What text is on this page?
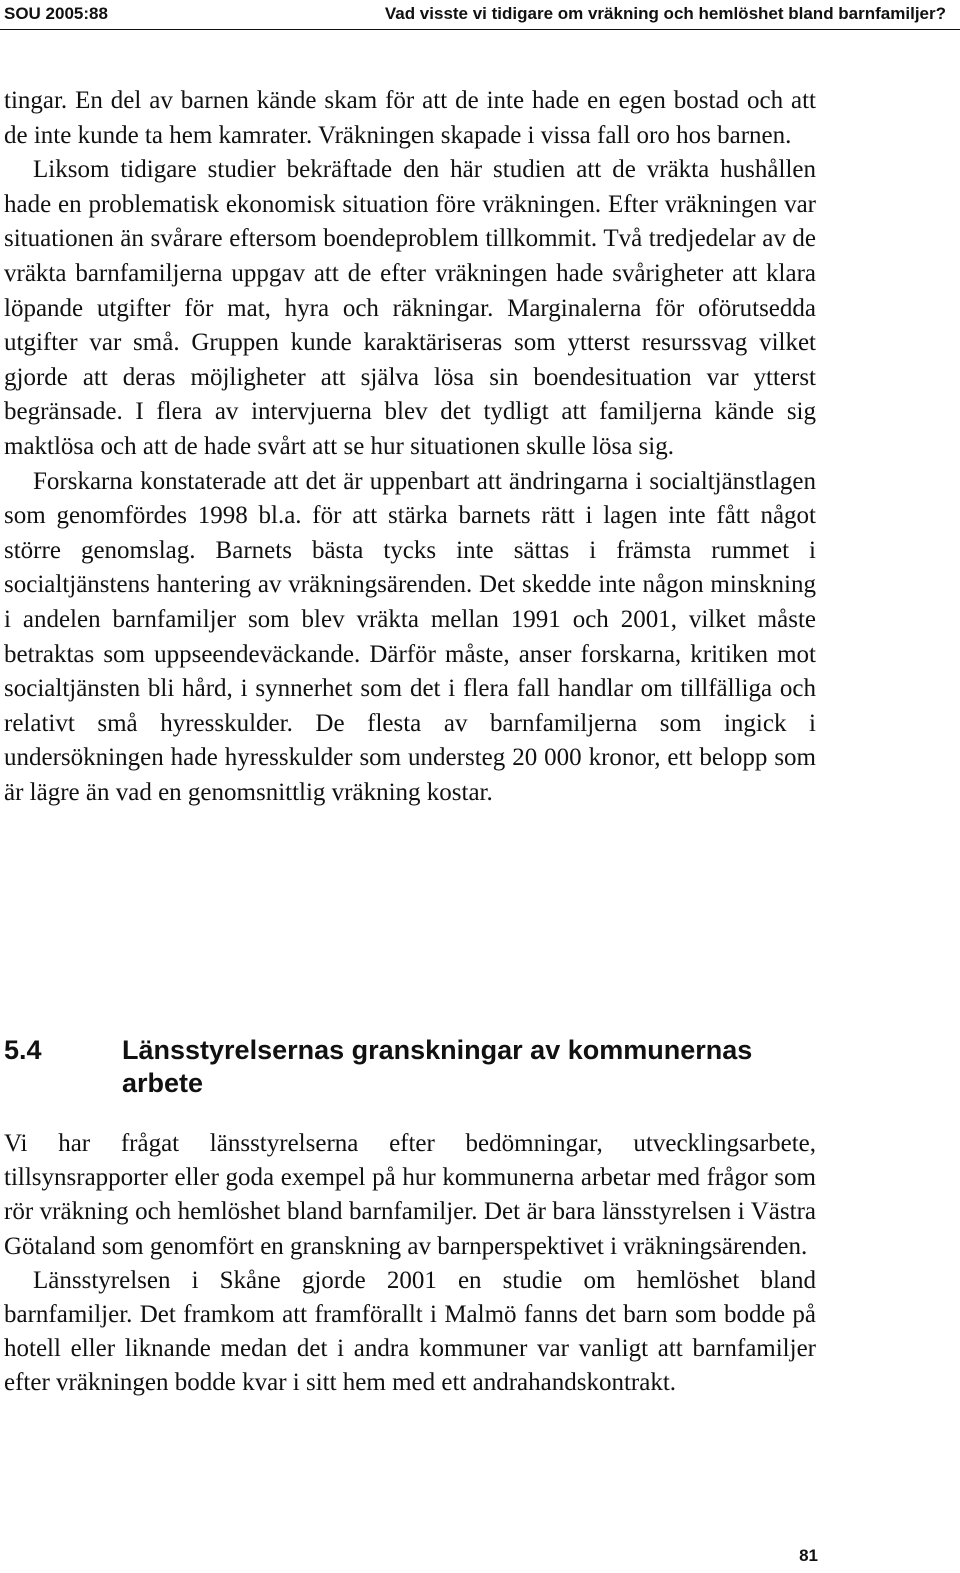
SOU 2005:88	Vad visste vi tidigare om vräkning och hemlöshet bland barnfamiljer?

tingar. En del av barnen kände skam för att de inte hade en egen bostad och att de inte kunde ta hem kamrater. Vräkningen skapade i vissa fall oro hos barnen.

Liksom tidigare studier bekräftade den här studien att de vräkta hushållen hade en problematisk ekonomisk situation före vräkningen. Efter vräkningen var situationen än svårare eftersom boendeproblem tillkommit. Två tredjedelar av de vräkta barnfamiljerna uppgav att de efter vräkningen hade svårigheter att klara löpande utgifter för mat, hyra och räkningar. Marginalerna för oförutsedda utgifter var små. Gruppen kunde karaktäriseras som ytterst resurssvag vilket gjorde att deras möjligheter att själva lösa sin boendesituation var ytterst begränsade. I flera av intervjuerna blev det tydligt att familjerna kände sig maktlösa och att de hade svårt att se hur situationen skulle lösa sig.

Forskarna konstaterade att det är uppenbart att ändringarna i socialtjänstlagen som genomfördes 1998 bl.a. för att stärka barnets rätt i lagen inte fått något större genomslag. Barnets bästa tycks inte sättas i främsta rummet i socialtjänstens hantering av vräkningsärenden. Det skedde inte någon minskning i andelen barnfamiljer som blev vräkta mellan 1991 och 2001, vilket måste betraktas som uppseendeväckande. Därför måste, anser forskarna, kritiken mot socialtjänsten bli hård, i synnerhet som det i flera fall handlar om tillfälliga och relativt små hyresskulder. De flesta av barnfamiljerna som ingick i undersökningen hade hyresskulder som understeg 20 000 kronor, ett belopp som är lägre än vad en genomsnittlig vräkning kostar.

5.4	Länsstyrelsernas granskningar av kommunernas arbete

Vi har frågat länsstyrelserna efter bedömningar, utvecklingsarbete, tillsynsrapporter eller goda exempel på hur kommunerna arbetar med frågor som rör vräkning och hemlöshet bland barnfamiljer. Det är bara länsstyrelsen i Västra Götaland som genomfört en granskning av barnperspektivet i vräkningsärenden.

Länsstyrelsen i Skåne gjorde 2001 en studie om hemlöshet bland barnfamiljer. Det framkom att framförallt i Malmö fanns det barn som bodde på hotell eller liknande medan det i andra kommuner var vanligt att barnfamiljer efter vräkningen bodde kvar i sitt hem med ett andrahandskontrakt.

81
